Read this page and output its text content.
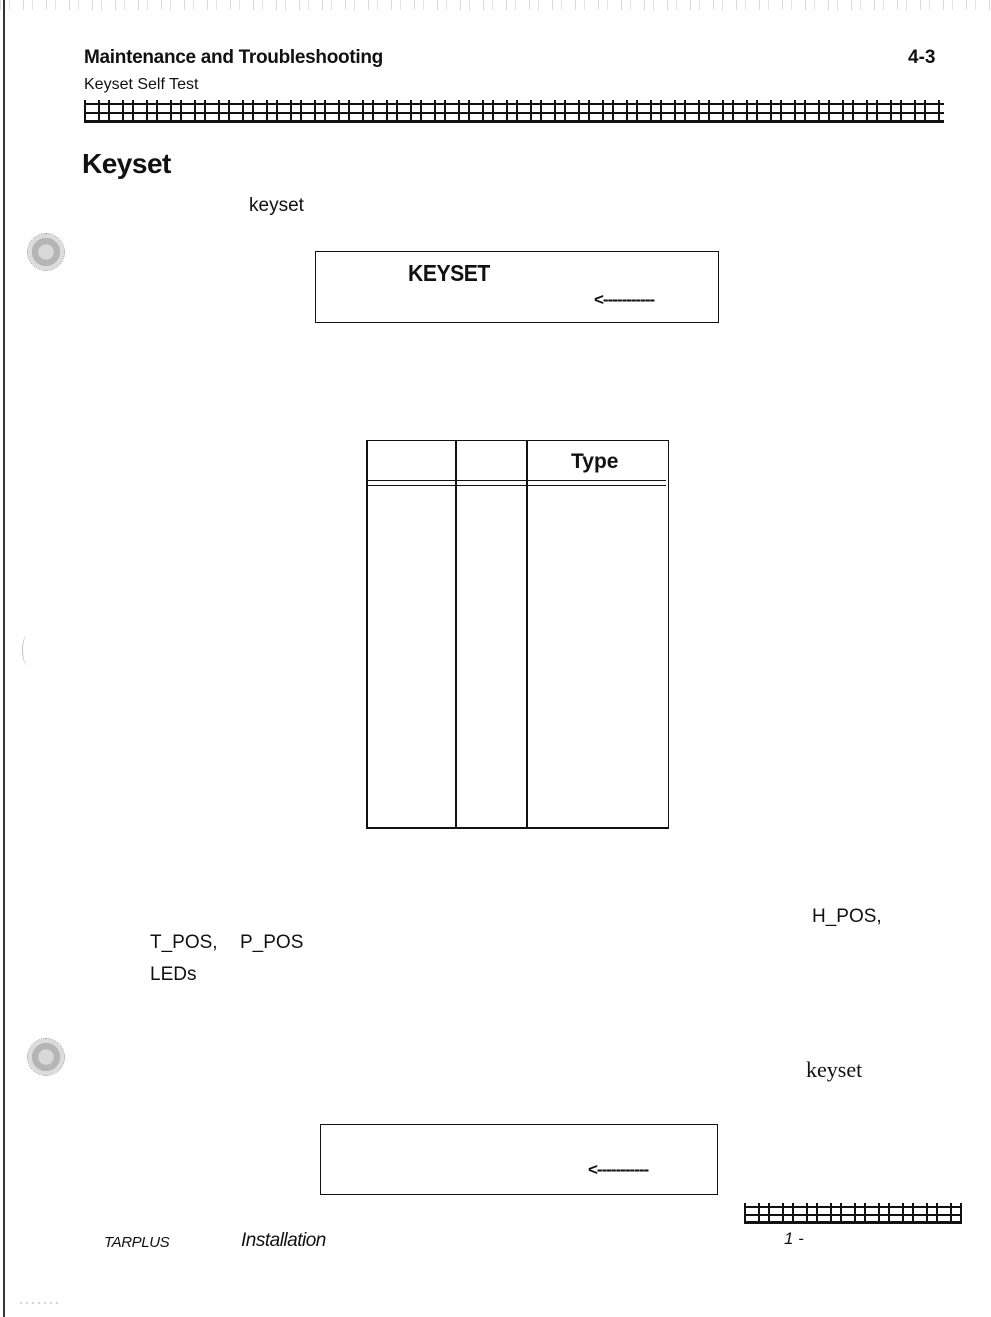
Maintenance and Troubleshooting	4-3
Keyset Self Test
Keyset
keyset
KEYSET
<-----------
Type
H_POS,
T_POS, P_POS
LEDs
keyset
<-----------
TARPLUS	Installation	1 -
